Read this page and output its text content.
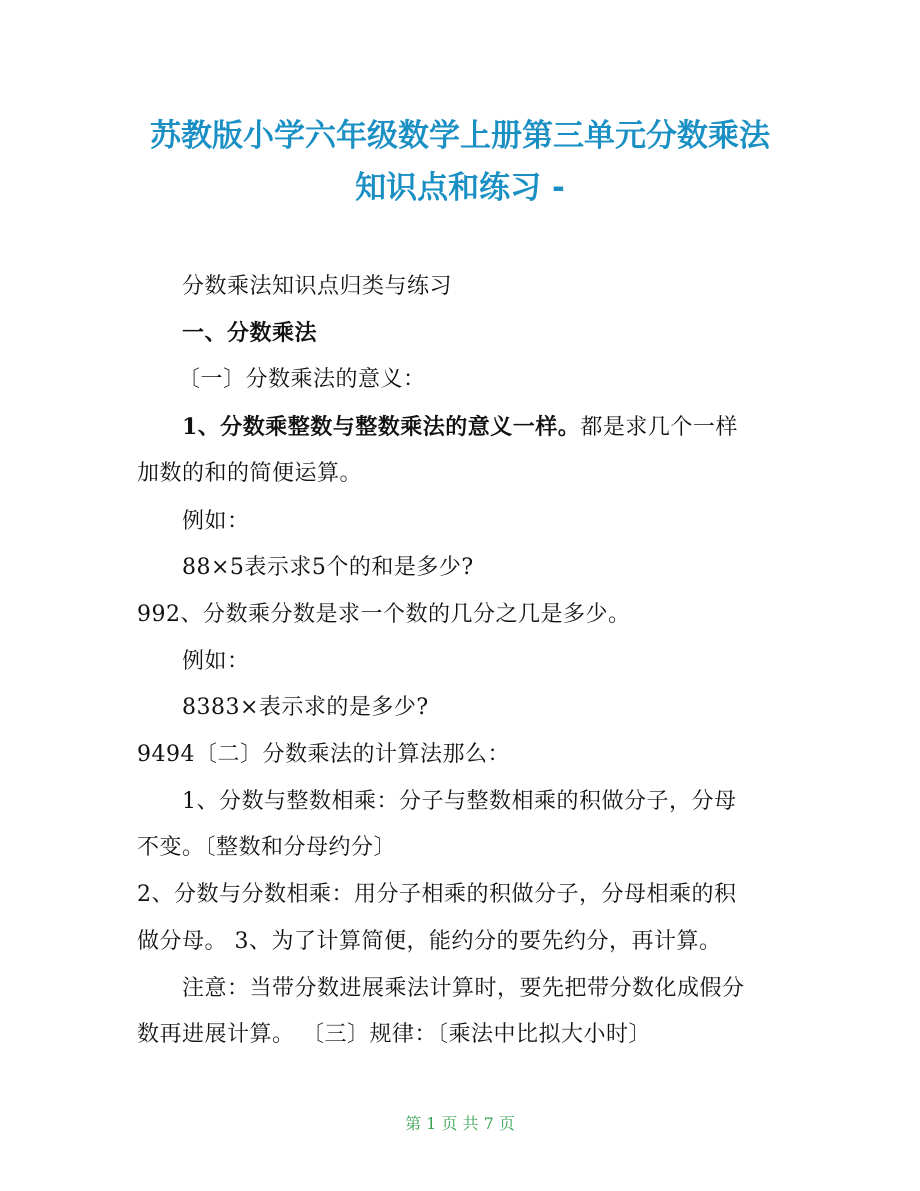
苏教版小学六年级数学上册第三单元分数乘法
知识点和练习 -
分数乘法知识点归类与练习
一、分数乘法
〔一〕分数乘法的意义：
1、分数乘整数与整数乘法的意义一样。都是求几个一样
加数的和的简便运算。
例如：
88×5表示求5个的和是多少?
992、分数乘分数是求一个数的几分之几是多少。
例如：
8383×表示求的是多少?
9494〔二〕分数乘法的计算法那么：
1、分数与整数相乘：分子与整数相乘的积做分子，分母
不变。〔整数和分母约分〕
2、分数与分数相乘：用分子相乘的积做分子，分母相乘的积
做分母。 3、为了计算简便，能约分的要先约分，再计算。
注意：当带分数进展乘法计算时，要先把带分数化成假分
数再进展计算。 〔三〕规律：〔乘法中比拟大小时〕
第 1 页 共 7 页
